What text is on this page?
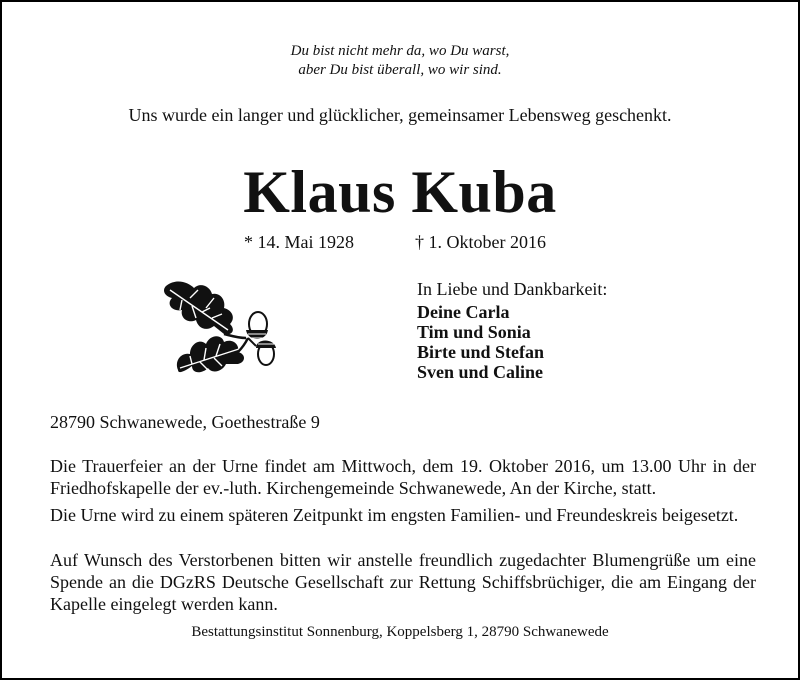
Du bist nicht mehr da, wo Du warst,
aber Du bist überall, wo wir sind.
Uns wurde ein langer und glücklicher, gemeinsamer Lebensweg geschenkt.
Klaus Kuba
* 14. Mai 1928	† 1. Oktober 2016
In Liebe und Dankbarkeit:
Deine Carla
Tim und Sonia
Birte und Stefan
Sven und Caline
28790 Schwanewede, Goethestraße 9
Die Trauerfeier an der Urne findet am Mittwoch, dem 19. Oktober 2016, um 13.00 Uhr in der Friedhofskapelle der ev.-luth. Kirchengemeinde Schwanewede, An der Kirche, statt.
Die Urne wird zu einem späteren Zeitpunkt im engsten Familien- und Freundeskreis beigesetzt.
Auf Wunsch des Verstorbenen bitten wir anstelle freundlich zugedachter Blumengrüße um eine Spende an die DGzRS Deutsche Gesellschaft zur Rettung Schiffsbrüchiger, die am Eingang der Kapelle eingelegt werden kann.
Bestattungsinstitut Sonnenburg, Koppelsberg 1, 28790 Schwanewede
